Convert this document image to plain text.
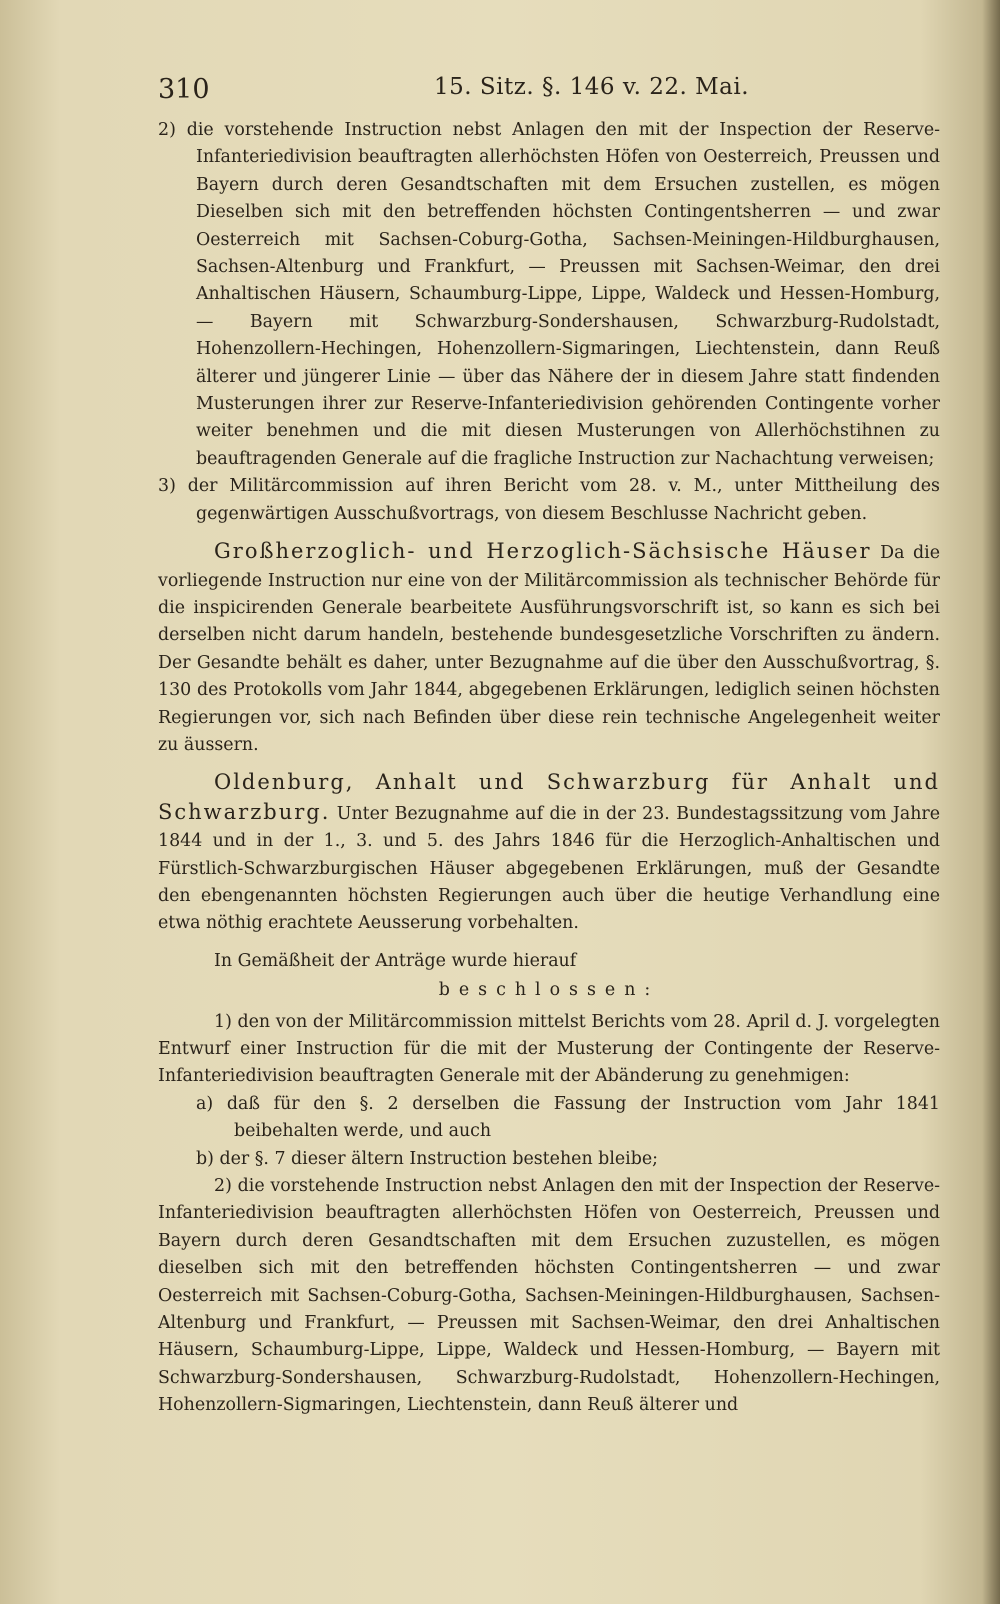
310	15. Sitz. §. 146 v. 22. Mai.

2) die vorstehende Instruction nebst Anlagen den mit der Inspection der Reserve-Infanteriedivision beauftragten allerhöchsten Höfen von Oesterreich, Preussen und Bayern durch deren Gesandtschaften mit dem Ersuchen zustellen, es mögen Dieselben sich mit den betreffenden höchsten Contingentsherren — und zwar Oesterreich mit Sachsen-Coburg-Gotha, Sachsen-Meiningen-Hildburghausen, Sachsen-Altenburg und Frankfurt, — Preussen mit Sachsen-Weimar, den drei Anhaltischen Häusern, Schaumburg-Lippe, Lippe, Waldeck und Hessen-Homburg, — Bayern mit Schwarzburg-Sondershausen, Schwarzburg-Rudolstadt, Hohenzollern-Hechingen, Hohenzollern-Sigmaringen, Liechtenstein, dann Reuß älterer und jüngerer Linie — über das Nähere der in diesem Jahre statt findenden Musterungen ihrer zur Reserve-Infanteriedivision gehörenden Contingente vorher weiter benehmen und die mit diesen Musterungen von Allerhöchstihnen zu beauftragenden Generale auf die fragliche Instruction zur Nachachtung verweisen;

3) der Militärcommission auf ihren Bericht vom 28. v. M., unter Mittheilung des gegenwärtigen Ausschußvortrags, von diesem Beschlusse Nachricht geben.

Großherzoglich- und Herzoglich-Sächsische Häuser Da die vorliegende Instruction nur eine von der Militärcommission als technischer Behörde für die inspicirenden Generale bearbeitete Ausführungsvorschrift ist, so kann es sich bei derselben nicht darum handeln, bestehende bundesgesetzliche Vorschriften zu ändern. Der Gesandte behält es daher, unter Bezugnahme auf die über den Ausschußvortrag, §. 130 des Protokolls vom Jahr 1844, abgegebenen Erklärungen, lediglich seinen höchsten Regierungen vor, sich nach Befinden über diese rein technische Angelegenheit weiter zu äussern.

Oldenburg, Anhalt und Schwarzburg für Anhalt und Schwarzburg. Unter Bezugnahme auf die in der 23. Bundestagssitzung vom Jahre 1844 und in der 1., 3. und 5. des Jahrs 1846 für die Herzoglich-Anhaltischen und Fürstlich-Schwarzburgischen Häuser abgegebenen Erklärungen, muß der Gesandte den ebengenannten höchsten Regierungen auch über die heutige Verhandlung eine etwa nöthig erachtete Aeusserung vorbehalten.

In Gemäßheit der Anträge wurde hierauf

beschlossen:

1) den von der Militärcommission mittelst Berichts vom 28. April d. J. vorgelegten Entwurf einer Instruction für die mit der Musterung der Contingente der Reserve-Infanteriedivision beauftragten Generale mit der Abänderung zu genehmigen:

a) daß für den §. 2 derselben die Fassung der Instruction vom Jahr 1841 beibehalten werde, und auch

b) der §. 7 dieser ältern Instruction bestehen bleibe;

2) die vorstehende Instruction nebst Anlagen den mit der Inspection der Reserve-Infanteriedivision beauftragten allerhöchsten Höfen von Oesterreich, Preussen und Bayern durch deren Gesandtschaften mit dem Ersuchen zuzustellen, es mögen dieselben sich mit den betreffenden höchsten Contingentsherren — und zwar Oesterreich mit Sachsen-Coburg-Gotha, Sachsen-Meiningen-Hildburghausen, Sachsen-Altenburg und Frankfurt, — Preussen mit Sachsen-Weimar, den drei Anhaltischen Häusern, Schaumburg-Lippe, Lippe, Waldeck und Hessen-Homburg, — Bayern mit Schwarzburg-Sondershausen, Schwarzburg-Rudolstadt, Hohenzollern-Hechingen, Hohenzollern-Sigmaringen, Liechtenstein, dann Reuß älterer und
